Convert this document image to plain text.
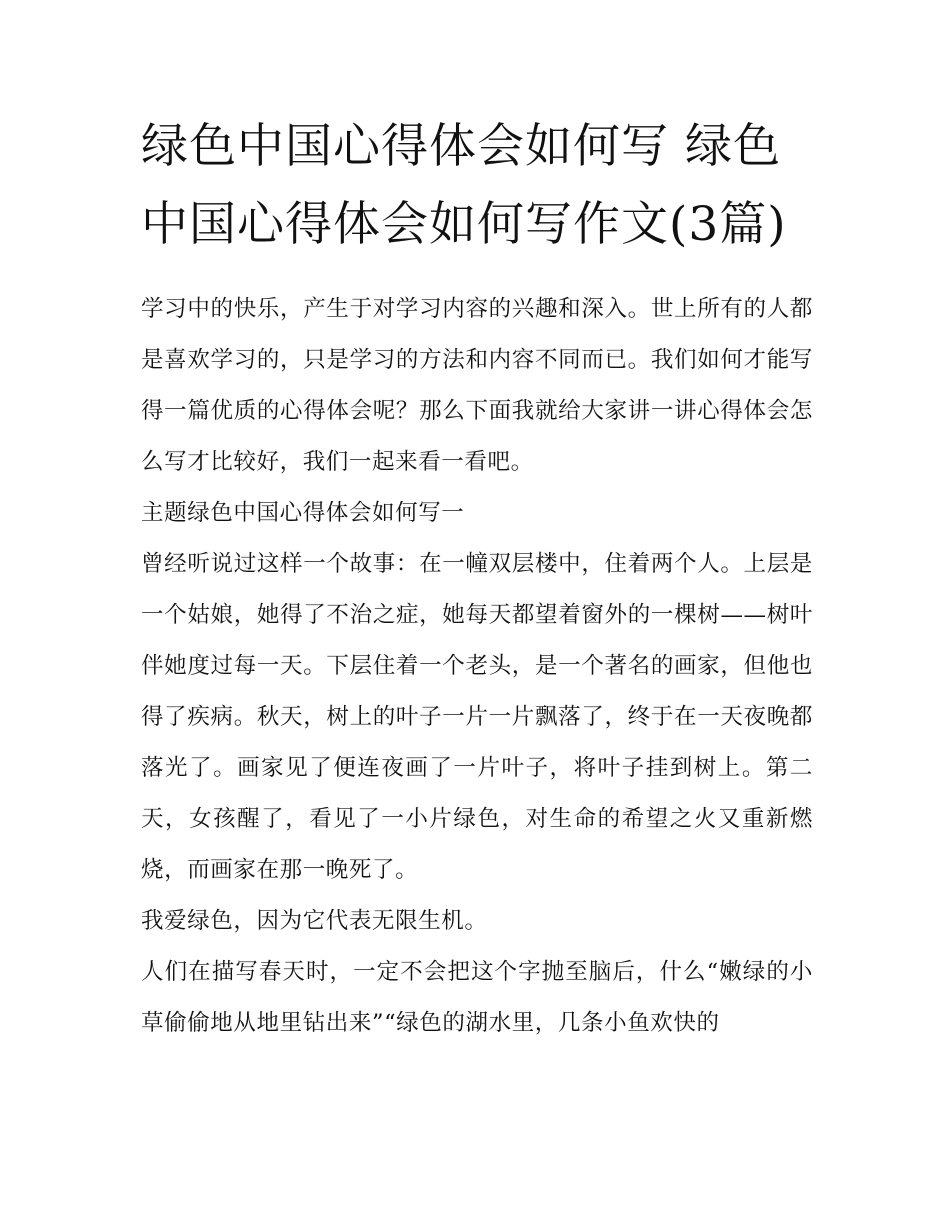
绿色中国心得体会如何写 绿色中国心得体会如何写作文(3篇)

学习中的快乐，产生于对学习内容的兴趣和深入。世上所有的人都是喜欢学习的，只是学习的方法和内容不同而已。我们如何才能写得一篇优质的心得体会呢？那么下面我就给大家讲一讲心得体会怎么写才比较好，我们一起来看一看吧。

主题绿色中国心得体会如何写一

曾经听说过这样一个故事：在一幢双层楼中，住着两个人。上层是一个姑娘，她得了不治之症，她每天都望着窗外的一棵树——树叶伴她度过每一天。下层住着一个老头，是一个著名的画家，但他也得了疾病。秋天，树上的叶子一片一片飘落了，终于在一天夜晚都落光了。画家见了便连夜画了一片叶子，将叶子挂到树上。第二天，女孩醒了，看见了一小片绿色，对生命的希望之火又重新燃烧，而画家在那一晚死了。

我爱绿色，因为它代表无限生机。

人们在描写春天时，一定不会把这个字抛至脑后，什么“嫩绿的小草偷偷地从地里钻出来”“绿色的湖水里，几条小鱼欢快的
